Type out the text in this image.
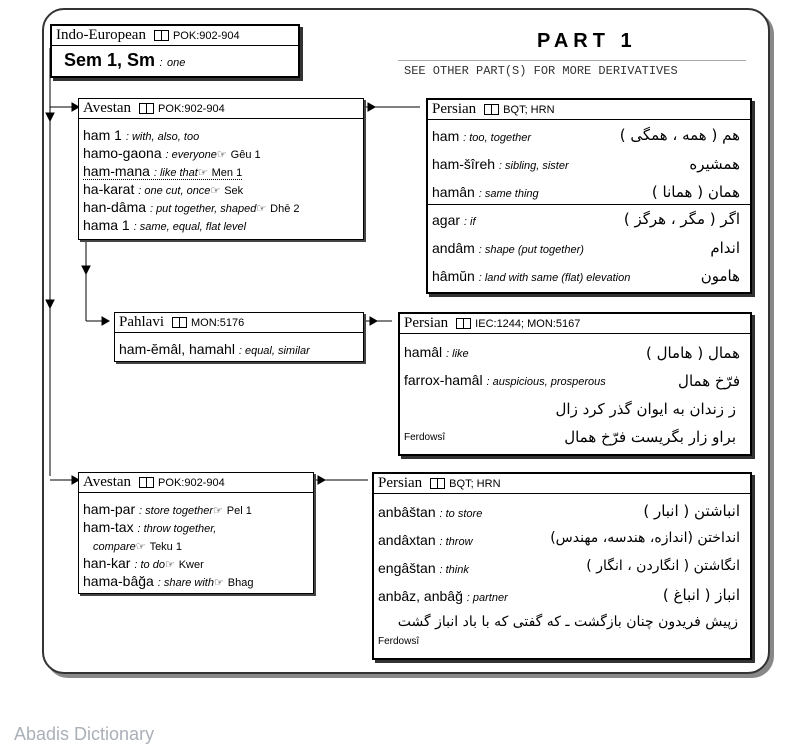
PART 1
SEE OTHER PART(S) FOR MORE DERIVATIVES
Indo-European POK:902-904
Sem 1, Sm : one
Avestan POK:902-904
ham 1 : with, also, too
hamo-gaona : everyone☞ Gêu 1
ham-mana : like that☞ Men 1
ha-karat : one cut, once☞ Sek
han-dâma : put together, shaped☞ Dhē 2
hama 1 : same, equal, flat level
Persian BQT; HRN
ham : too, together	هم ( همه ، همگی )
ham-šîreh : sibling, sister	همشیره
hamân : same thing	همان ( همانا )
agar : if	اگر ( مگر ، هرگز )
andâm : shape (put together)	اندام
hâmŭn : land with same (flat) elevation	هامون
Pahlavi MON:5176
ham-ĕmâl, hamahl : equal, similar
Persian IEC:1244; MON:5167
hamâl : like	همال ( هامال )
farrox-hamâl : auspicious, prosperous	فرّخ همال
ز زندان به ایوان گذر کرد زال
براو زار بگریست فرّخ همال
Ferdowsî
Avestan POK:902-904
ham-par : store together☞ Pel 1
ham-tax : throw together,
compare☞ Teku 1
han-kar : to do☞ Kwer
hama-bâğa : share with☞ Bhag
Persian BQT; HRN
anbâštan : to store	انباشتن ( انبار )
andâxtan : throw	انداختن (اندازه، هندسه، مهندس)
engâštan : think	انگاشتن ( انگاردن ، انگار )
anbâz, anbâğ : partner	انباز ( انباغ )
زپیش فریدون چنان بازگشت ـ که گفتی که با باد انباز گشت
Ferdowsî
Abadis Dictionary
